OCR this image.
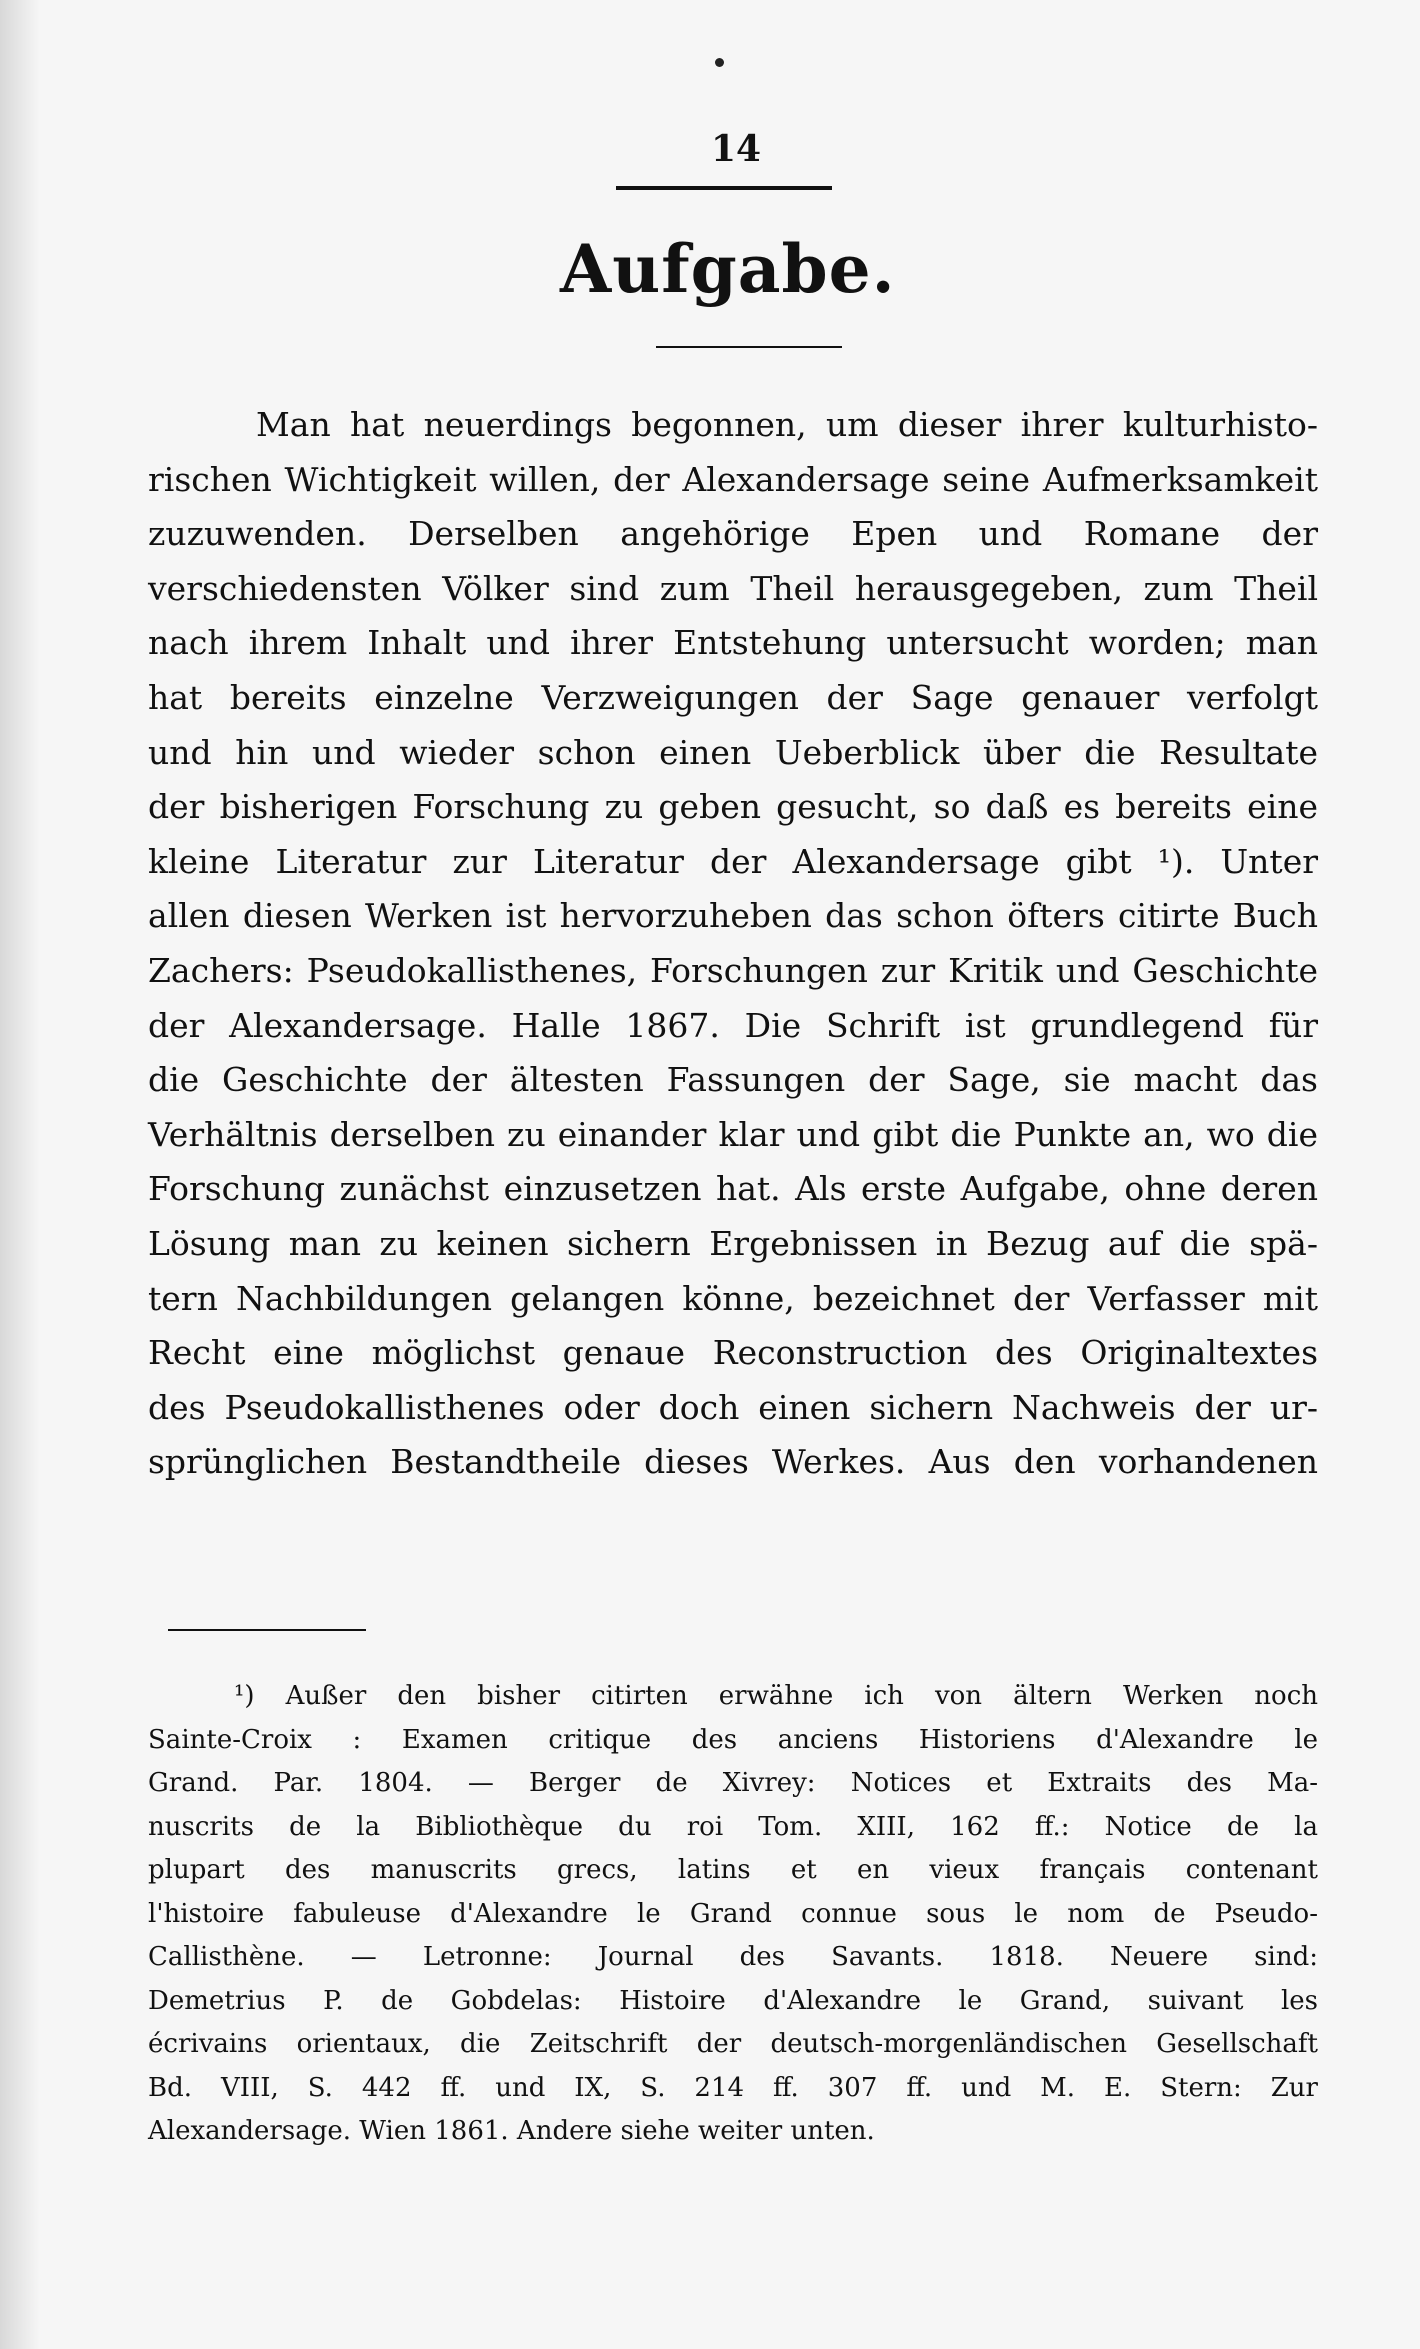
14
Aufgabe.
Man hat neuerdings begonnen, um dieser ihrer kulturhisto-
rischen Wichtigkeit willen, der Alexandersage seine Aufmerksamkeit
zuzuwenden. Derselben angehörige Epen und Romane der
verschiedensten Völker sind zum Theil herausgegeben, zum Theil
nach ihrem Inhalt und ihrer Entstehung untersucht worden; man
hat bereits einzelne Verzweigungen der Sage genauer verfolgt
und hin und wieder schon einen Ueberblick über die Resultate
der bisherigen Forschung zu geben gesucht, so daß es bereits eine
kleine Literatur zur Literatur der Alexandersage gibt ¹). Unter
allen diesen Werken ist hervorzuheben das schon öfters citirte Buch
Zachers: Pseudokallisthenes, Forschungen zur Kritik und Geschichte
der Alexandersage. Halle 1867. Die Schrift ist grundlegend für
die Geschichte der ältesten Fassungen der Sage, sie macht das
Verhältnis derselben zu einander klar und gibt die Punkte an, wo die
Forschung zunächst einzusetzen hat. Als erste Aufgabe, ohne deren
Lösung man zu keinen sichern Ergebnissen in Bezug auf die spä-
tern Nachbildungen gelangen könne, bezeichnet der Verfasser mit
Recht eine möglichst genaue Reconstruction des Originaltextes
des Pseudokallisthenes oder doch einen sichern Nachweis der ur-
sprünglichen Bestandtheile dieses Werkes. Aus den vorhandenen
¹) Außer den bisher citirten erwähne ich von ältern Werken noch
Sainte-Croix : Examen critique des anciens Historiens d'Alexandre le
Grand. Par. 1804. — Berger de Xivrey: Notices et Extraits des Ma-
nuscrits de la Bibliothèque du roi Tom. XIII, 162 ff.: Notice de la
plupart des manuscrits grecs, latins et en vieux français contenant
l'histoire fabuleuse d'Alexandre le Grand connue sous le nom de Pseudo-
Callisthène. — Letronne: Journal des Savants. 1818. Neuere sind:
Demetrius P. de Gobdelas: Histoire d'Alexandre le Grand, suivant les
écrivains orientaux, die Zeitschrift der deutsch-morgenländischen Gesellschaft
Bd. VIII, S. 442 ff. und IX, S. 214 ff. 307 ff. und M. E. Stern: Zur
Alexandersage. Wien 1861. Andere siehe weiter unten.
